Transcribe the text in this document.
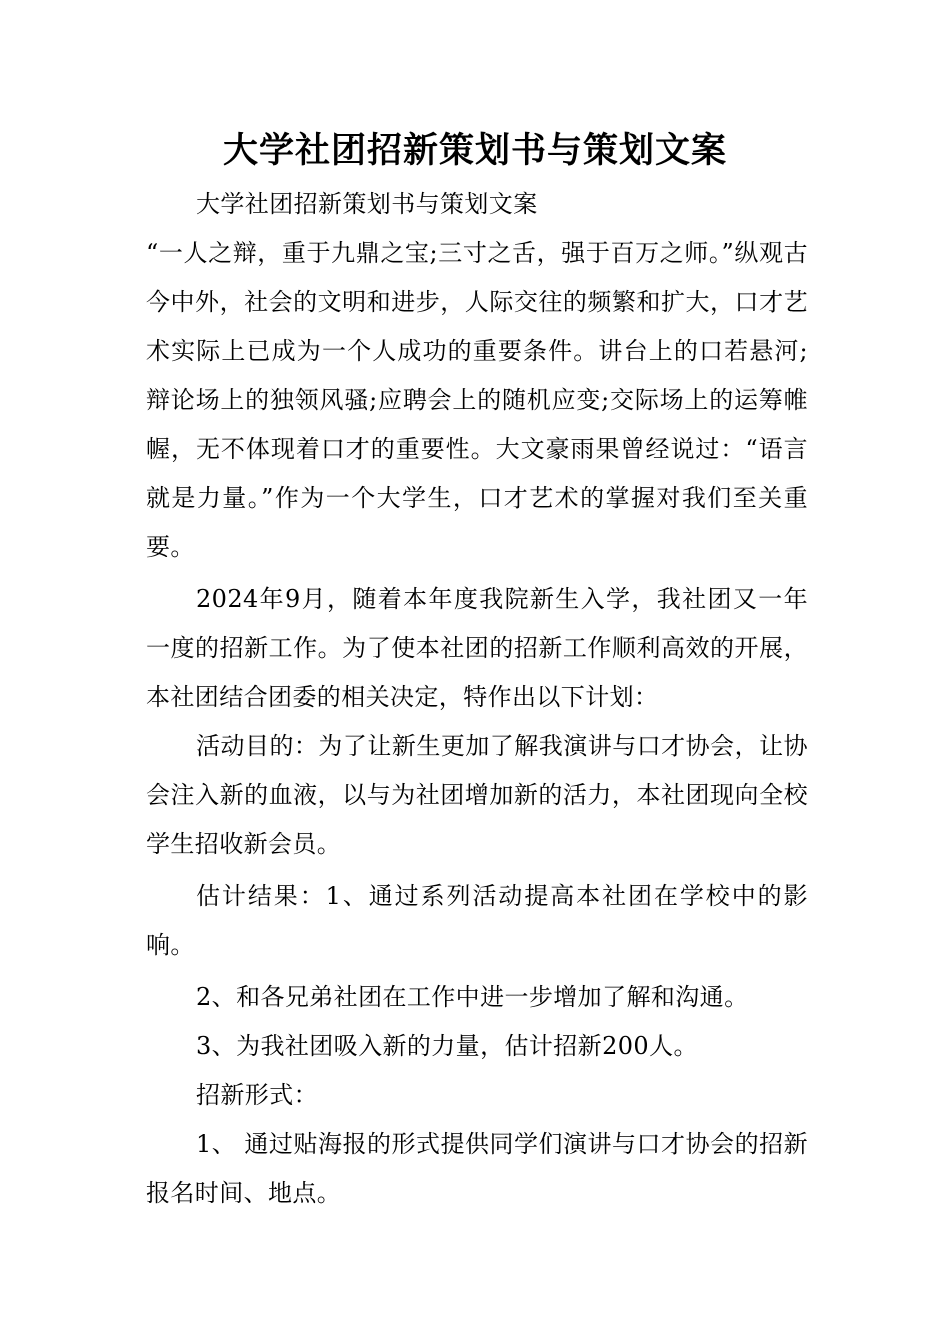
大学社团招新策划书与策划文案

大学社团招新策划书与策划文案

“一人之辩，重于九鼎之宝;三寸之舌，强于百万之师。”纵观古今中外，社会的文明和进步，人际交往的频繁和扩大，口才艺术实际上已成为一个人成功的重要条件。讲台上的口若悬河;辩论场上的独领风骚;应聘会上的随机应变;交际场上的运筹帷幄，无不体现着口才的重要性。大文豪雨果曾经说过：“语言就是力量。”作为一个大学生，口才艺术的掌握对我们至关重要。

2024年9月，随着本年度我院新生入学，我社团又一年一度的招新工作。为了使本社团的招新工作顺利高效的开展，本社团结合团委的相关决定，特作出以下计划：

活动目的：为了让新生更加了解我演讲与口才协会，让协会注入新的血液，以与为社团增加新的活力，本社团现向全校学生招收新会员。

估计结果：1、通过系列活动提高本社团在学校中的影响。

2、和各兄弟社团在工作中进一步增加了解和沟通。

3、为我社团吸入新的力量，估计招新200人。

招新形式：

1、 通过贴海报的形式提供同学们演讲与口才协会的招新报名时间、地点。
